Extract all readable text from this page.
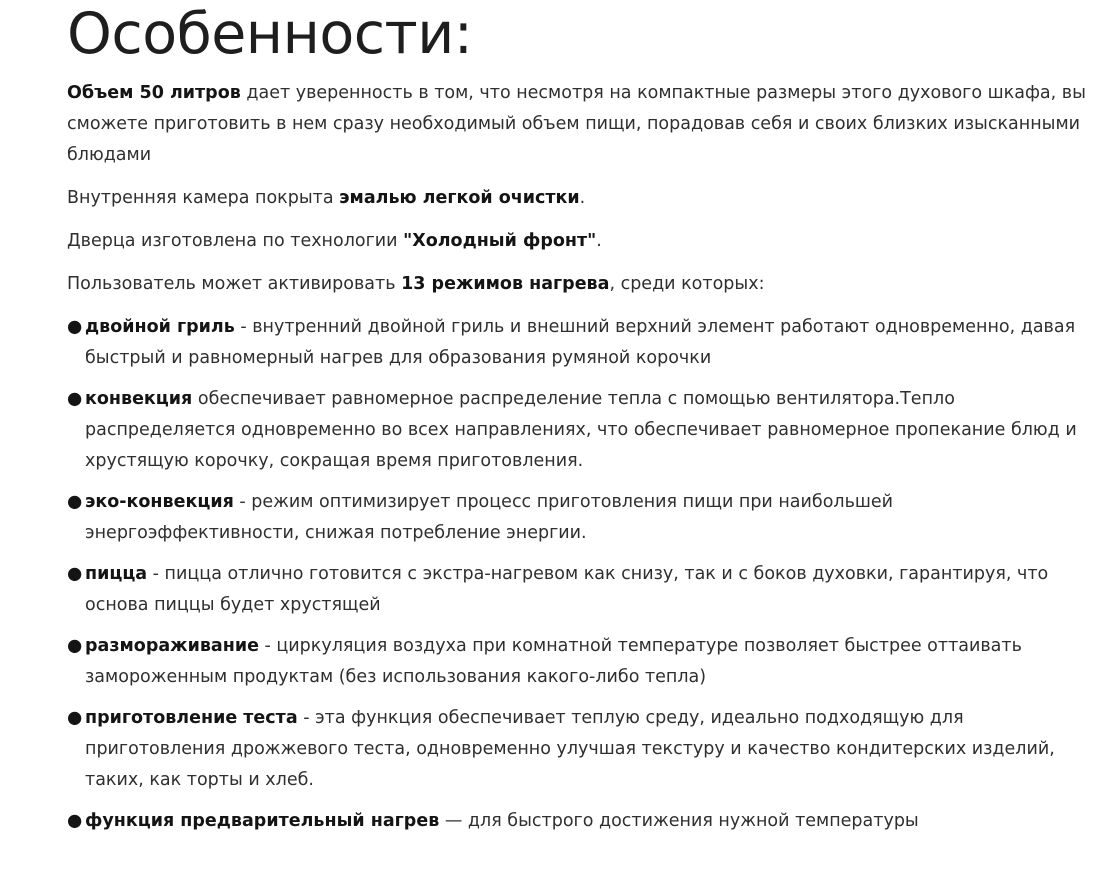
Особенности:

Объем 50 литров дает уверенность в том, что несмотря на компактные размеры этого духового шкафа, вы сможете приготовить в нем сразу необходимый объем пищи, порадовав себя и своих близких изысканными блюдами

Внутренняя камера покрыта эмалью легкой очистки.

Дверца изготовлена по технологии "Холодный фронт".

Пользователь может активировать 13 режимов нагрева, среди которых:

● двойной гриль - внутренний двойной гриль и внешний верхний элемент работают одновременно, давая быстрый и равномерный нагрев для образования румяной корочки
● конвекция обеспечивает равномерное распределение тепла с помощью вентилятора.Тепло распределяется одновременно во всех направлениях, что обеспечивает равномерное пропекание блюд и хрустящую корочку, сокращая время приготовления.
● эко-конвекция - режим оптимизирует процесс приготовления пищи при наибольшей энергоэффективности, снижая потребление энергии.
● пицца - пицца отлично готовится с экстра-нагревом как снизу, так и с боков духовки, гарантируя, что основа пиццы будет хрустящей
● размораживание - циркуляция воздуха при комнатной температуре позволяет быстрее оттаивать замороженным продуктам (без использования какого-либо тепла)
● приготовление теста - эта функция обеспечивает теплую среду, идеально подходящую для приготовления дрожжевого теста, одновременно улучшая текстуру и качество кондитерских изделий, таких, как торты и хлеб.
● функция предварительный нагрев — для быстрого достижения нужной температуры
